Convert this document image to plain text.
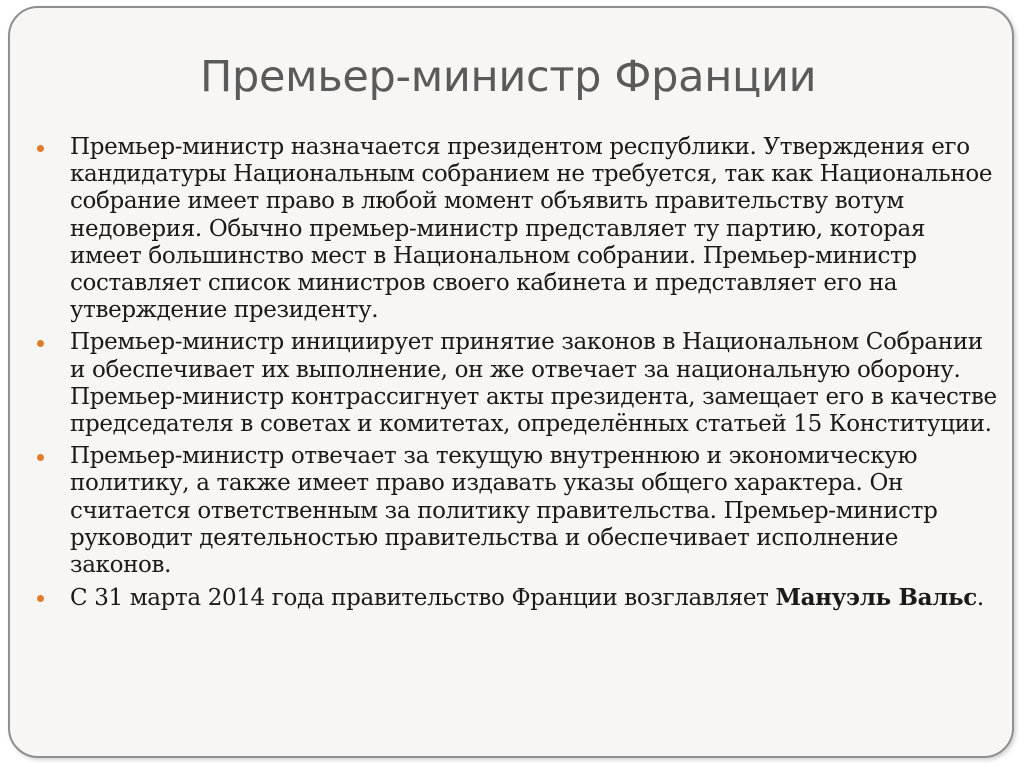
Премьер-министр Франции
Премьер-министр назначается президентом республики. Утверждения его кандидатуры Национальным собранием не требуется, так как Национальное собрание имеет право в любой момент объявить правительству вотум недоверия. Обычно премьер-министр представляет ту партию, которая имеет большинство мест в Национальном собрании. Премьер-министр составляет список министров своего кабинета и представляет его на утверждение президенту.
Премьер-министр инициирует принятие законов в Национальном Собрании и обеспечивает их выполнение, он же отвечает за национальную оборону. Премьер-министр контрассигнует акты президента, замещает его в качестве председателя в советах и комитетах, определённых статьей 15 Конституции.
Премьер-министр отвечает за текущую внутреннюю и экономическую политику, а также имеет право издавать указы общего характера. Он считается ответственным за политику правительства. Премьер-министр руководит деятельностью правительства и обеспечивает исполнение законов.
С 31 марта 2014 года правительство Франции возглавляет Мануэль Вальс.
